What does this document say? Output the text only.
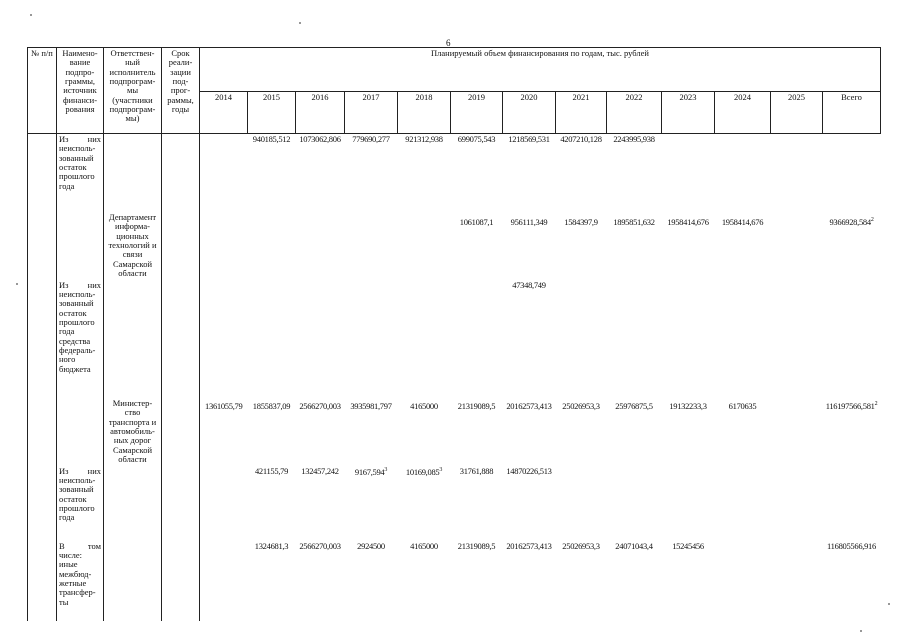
6
№ п/п	Наимено-вание подпро-граммы, источник финанси-рования	Ответствен-ный исполнитель подпрограм-мы (участники подпрограм-мы)	Срок реали-зации под-прог-раммы, годы	Планируемый объем финансирования по годам, тыс. рублей												
				2014	2015	2016	2017	2018	2019	2020	2021	2022	2023	2024	2025	Всего
	Из них неисполь-зованный остаток прошлого года				940185,512	1073062,806	779690,277	921312,938	699075,543	1218569,531	4207210,128	2243995,938				
		Департамент информа-ционных технологий и связи Самарской области							1061087,1	956111,349	1584397,9	1895851,632	1958414,676	1958414,676		9366928,584$^2$
	Из них неисполь-зованный остаток прошлого года средства федераль-ного бюджета									47348,749						
		Министер-ство транспорта и автомобиль-ных дорог Самарской области		1361055,79	1855837,09	2566270,003	3935981,797	4165000	21319089,5	20162573,413	25026953,3	25976875,5	19132233,3	6170635		116197566,581$^2$
	Из них неисполь-зованный остаток прошлого года				421155,79	132457,242	9167,594$^3$	10169,085$^3$	31761,888	14870226,513						
	В том числе: иные межбюд-жетные трансфер-ты				1324681,3	2566270,003	2924500	4165000	21319089,5	20162573,413	25026953,3	24071043,4	15245456			116805566,916
